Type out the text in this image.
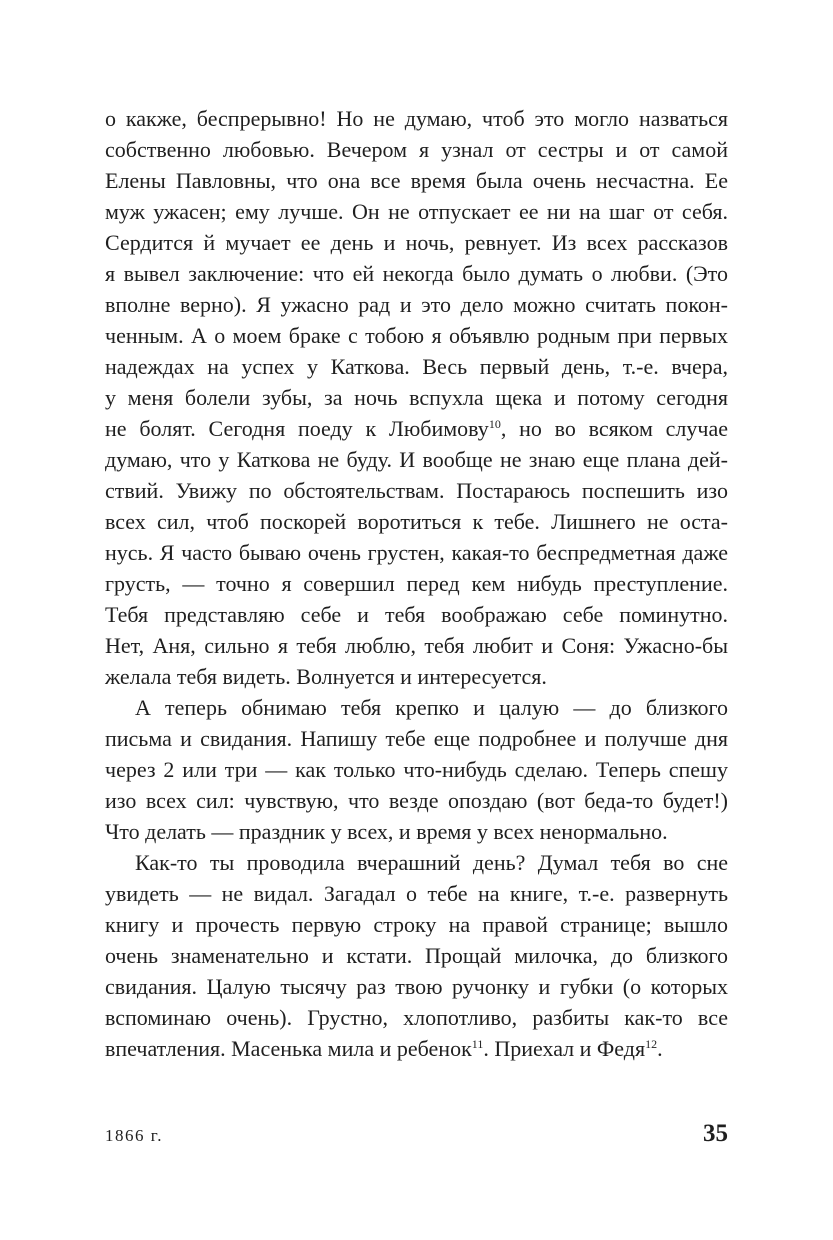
о какже, беспрерывно! Но не думаю, чтоб это могло назваться
собственно любовью. Вечером я узнал от сестры и от самой
Елены Павловны, что она все время была очень несчастна. Ее
муж ужасен; ему лучше. Он не отпускает ее ни на шаг от себя.
Сердится й мучает ее день и ночь, ревнует. Из всех рассказов
я вывел заключение: что ей некогда было думать о любви. (Это
вполне верно). Я ужасно рад и это дело можно считать покон-
ченным. А о моем браке с тобою я объявлю родным при первых
надеждах на успех у Каткова. Весь первый день, т.-е. вчера,
у меня болели зубы, за ночь вспухла щека и потому сегодня
не болят. Сегодня поеду к Любимову$^{10}$, но во всяком случае
думаю, что у Каткова не буду. И вообще не знаю еще плана дей-
ствий. Увижу по обстоятельствам. Постараюсь поспешить изо
всех сил, чтоб поскорей воротиться к тебе. Лишнего не оста-
нусь. Я часто бываю очень грустен, какая-то беспредметная даже
грусть, — точно я совершил перед кем нибудь преступление.
Тебя представляю себе и тебя воображаю себе поминутно.
Нет, Аня, сильно я тебя люблю, тебя любит и Соня: Ужасно-бы
желала тебя видеть. Волнуется и интересуется.
А теперь обнимаю тебя крепко и цалую — до близкого
письма и свидания. Напишу тебе еще подробнее и получше дня
через 2 или три — как только что-нибудь сделаю. Теперь спешу
изо всех сил: чувствую, что везде опоздаю (вот беда-то будет!)
Что делать — праздник у всех, и время у всех ненормально.
Как-то ты проводила вчерашний день? Думал тебя во сне
увидеть — не видал. Загадал о тебе на книге, т.-е. развернуть
книгу и прочесть первую строку на правой странице; вышло
очень знаменательно и кстати. Прощай милочка, до близкого
свидания. Цалую тысячу раз твою ручонку и губки (о которых
вспоминаю очень). Грустно, хлопотливо, разбиты как-то все
впечатления. Масенька мила и ребенок$^{11}$. Приехал и Федя$^{12}$.
1866 г.	35
